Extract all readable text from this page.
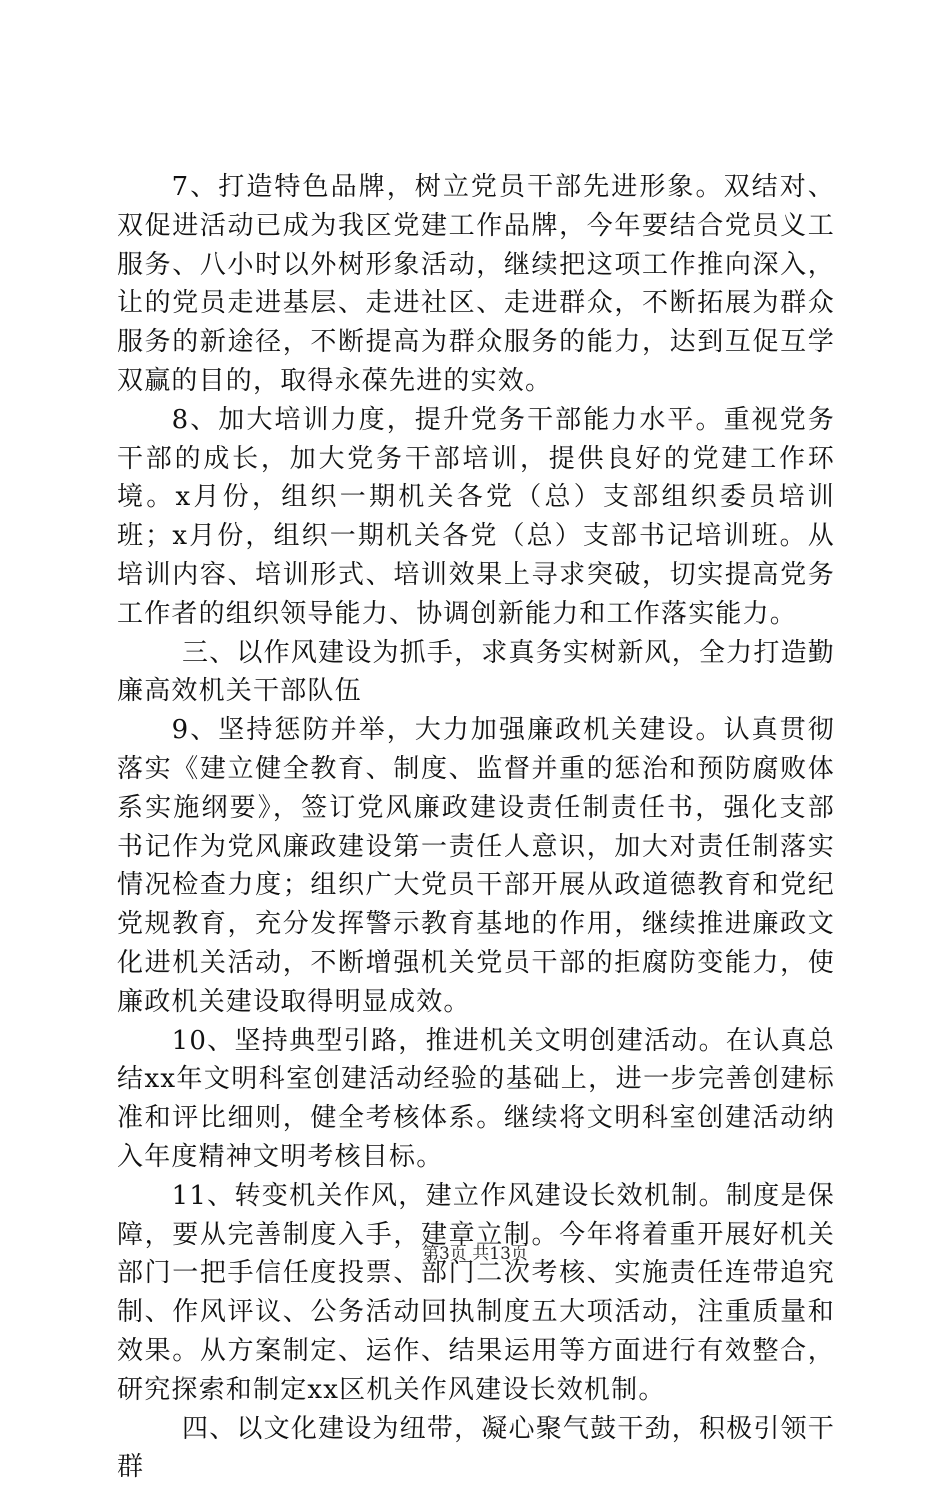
7、打造特色品牌，树立党员干部先进形象。双结对、双促进活动已成为我区党建工作品牌，今年要结合党员义工服务、八小时以外树形象活动，继续把这项工作推向深入，让的党员走进基层、走进社区、走进群众，不断拓展为群众服务的新途径，不断提高为群众服务的能力，达到互促互学双赢的目的，取得永葆先进的实效。

8、加大培训力度，提升党务干部能力水平。重视党务干部的成长，加大党务干部培训，提供良好的党建工作环境。x月份，组织一期机关各党（总）支部组织委员培训班；x月份，组织一期机关各党（总）支部书记培训班。从培训内容、培训形式、培训效果上寻求突破，切实提高党务工作者的组织领导能力、协调创新能力和工作落实能力。

三、以作风建设为抓手，求真务实树新风，全力打造勤廉高效机关干部队伍

9、坚持惩防并举，大力加强廉政机关建设。认真贯彻落实《建立健全教育、制度、监督并重的惩治和预防腐败体系实施纲要》，签订党风廉政建设责任制责任书，强化支部书记作为党风廉政建设第一责任人意识，加大对责任制落实情况检查力度；组织广大党员干部开展从政道德教育和党纪党规教育，充分发挥警示教育基地的作用，继续推进廉政文化进机关活动，不断增强机关党员干部的拒腐防变能力，使廉政机关建设取得明显成效。

10、坚持典型引路，推进机关文明创建活动。在认真总结xx年文明科室创建活动经验的基础上，进一步完善创建标准和评比细则，健全考核体系。继续将文明科室创建活动纳入年度精神文明考核目标。

11、转变机关作风，建立作风建设长效机制。制度是保障，要从完善制度入手，建章立制。今年将着重开展好机关部门一把手信任度投票、部门二次考核、实施责任连带追究制、作风评议、公务活动回执制度五大项活动，注重质量和效果。从方案制定、运作、结果运用等方面进行有效整合，研究探索和制定xx区机关作风建设长效机制。

四、以文化建设为纽带，凝心聚气鼓干劲，积极引领干群

第3页 共13页
